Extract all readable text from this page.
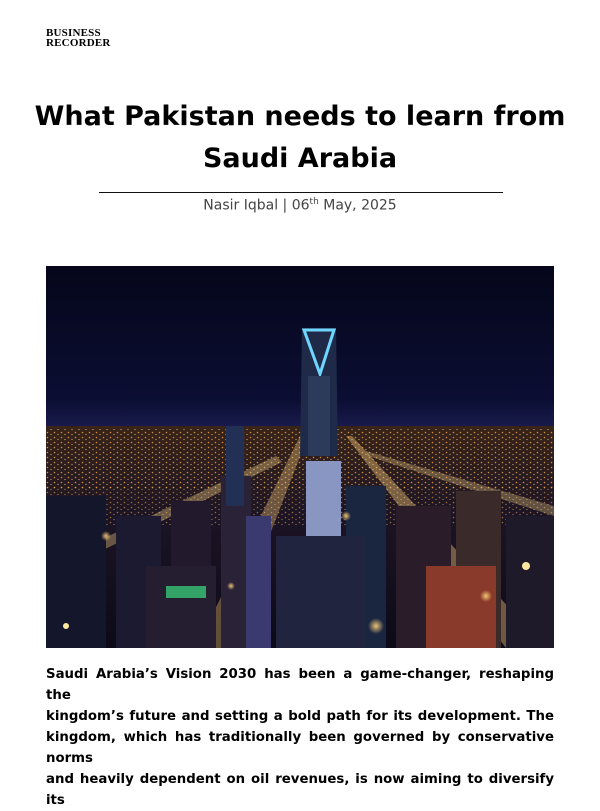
BUSINESS
RECORDER
What Pakistan needs to learn from
Saudi Arabia
Nasir Iqbal | 06th May, 2025
Saudi Arabia’s Vision 2030 has been a game-changer, reshaping the
kingdom’s future and setting a bold path for its development. The
kingdom, which has traditionally been governed by conservative norms
and heavily dependent on oil revenues, is now aiming to diversify its
